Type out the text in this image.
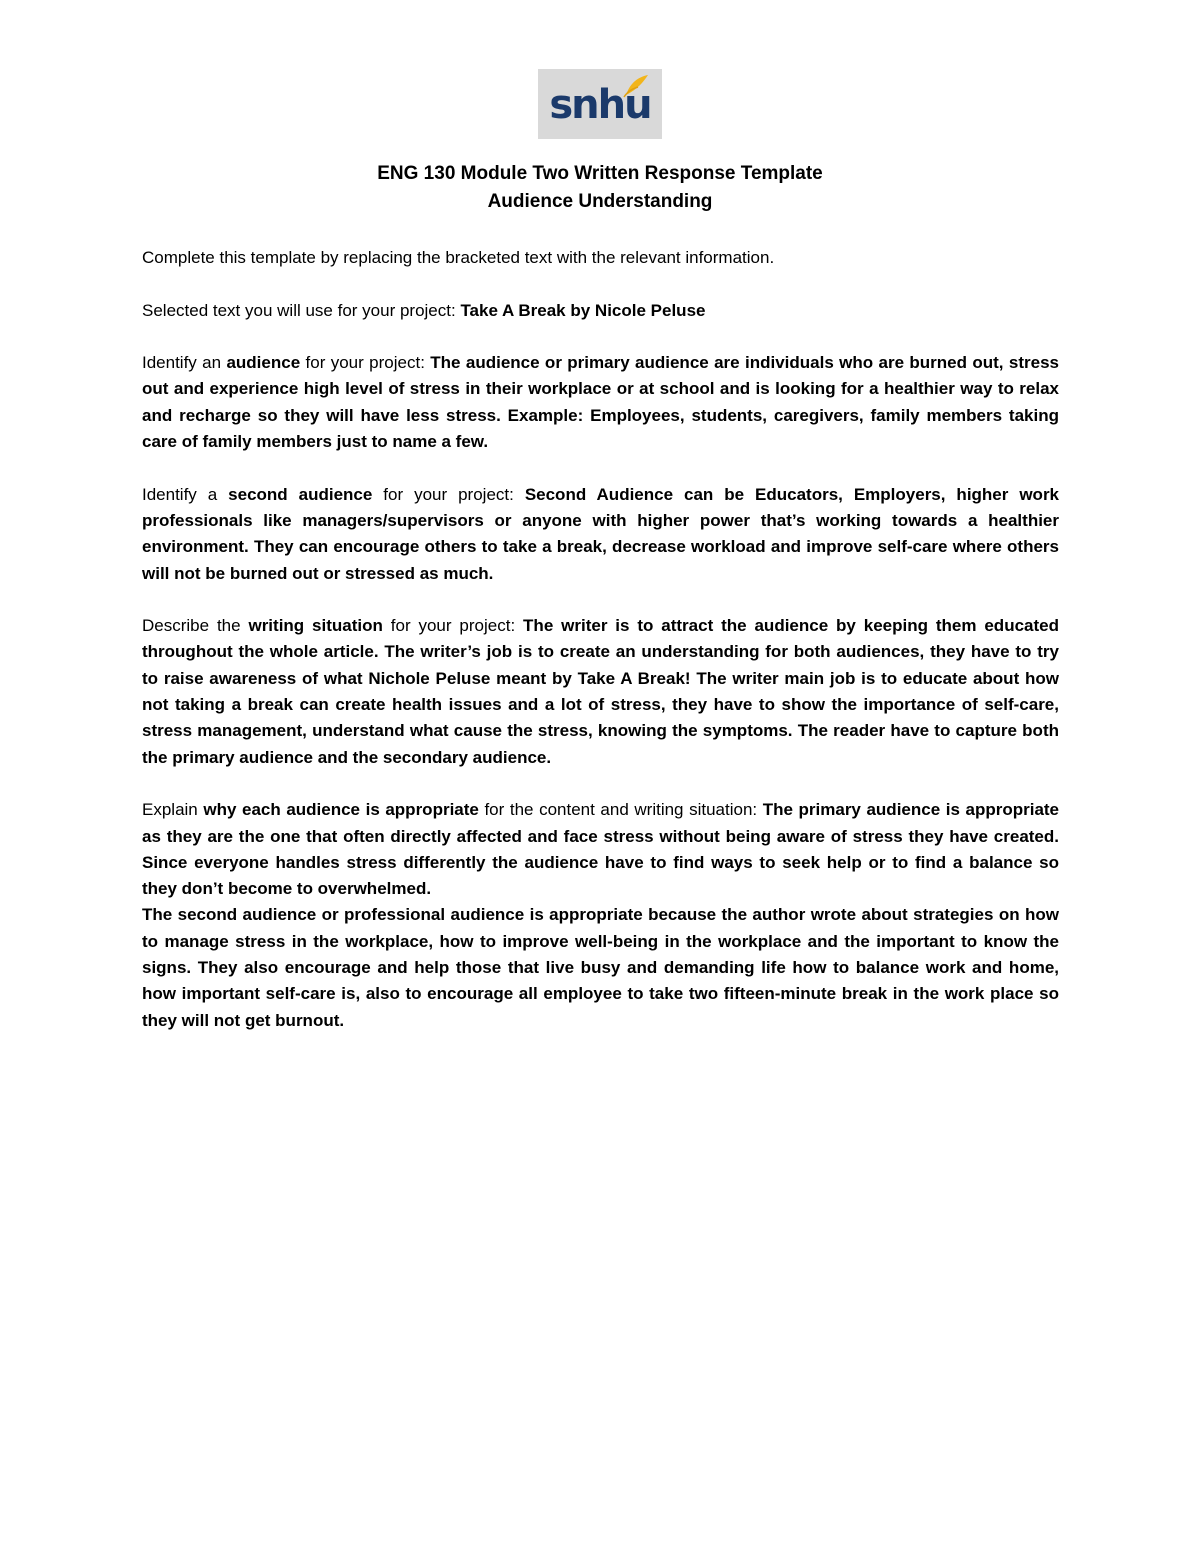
snhu
ENG 130 Module Two Written Response Template
Audience Understanding

Complete this template by replacing the bracketed text with the relevant information.

Selected text you will use for your project: Take A Break by Nicole Peluse

Identify an audience for your project: The audience or primary audience are individuals who are burned out, stress out and experience high level of stress in their workplace or at school and is looking for a healthier way to relax and recharge so they will have less stress. Example: Employees, students, caregivers, family members taking care of family members just to name a few.

Identify a second audience for your project: Second Audience can be Educators, Employers, higher work professionals like managers/supervisors or anyone with higher power that’s working towards a healthier environment. They can encourage others to take a break, decrease workload and improve self-care where others will not be burned out or stressed as much.

Describe the writing situation for your project: The writer is to attract the audience by keeping them educated throughout the whole article. The writer’s job is to create an understanding for both audiences, they have to try to raise awareness of what Nichole Peluse meant by Take A Break! The writer main job is to educate about how not taking a break can create health issues and a lot of stress, they have to show the importance of self-care, stress management, understand what cause the stress, knowing the symptoms. The reader have to capture both the primary audience and the secondary audience.

Explain why each audience is appropriate for the content and writing situation: The primary audience is appropriate as they are the one that often directly affected and face stress without being aware of stress they have created. Since everyone handles stress differently the audience have to find ways to seek help or to find a balance so they don’t become to overwhelmed.

The second audience or professional audience is appropriate because the author wrote about strategies on how to manage stress in the workplace, how to improve well-being in the workplace and the important to know the signs. They also encourage and help those that live busy and demanding life how to balance work and home, how important self-care is, also to encourage all employee to take two fifteen-minute break in the work place so they will not get burnout.
